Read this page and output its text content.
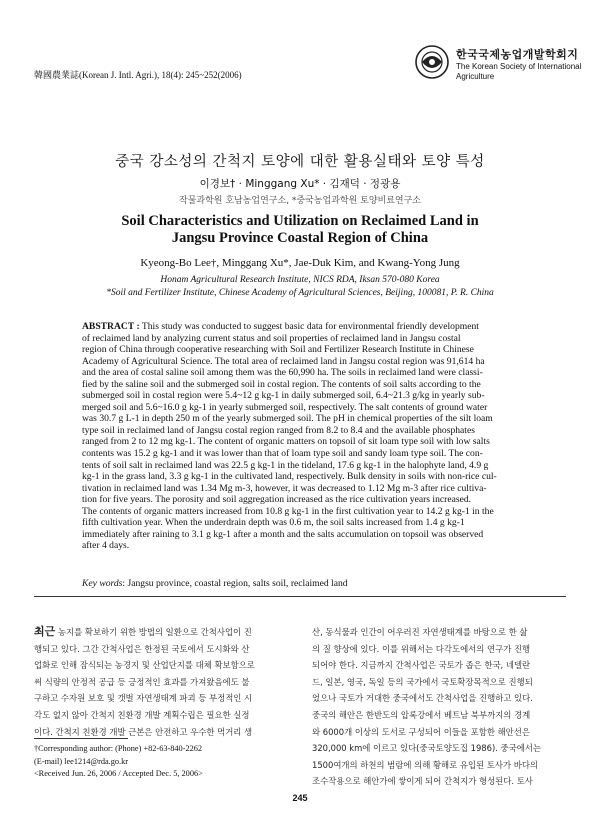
韓國農業誌(Korean J. Intl. Agri.), 18(4): 245~252(2006)
한국국제농업개발학회지
The Korean Society of International
Agriculture
중국 강소성의 간척지 토양에 대한 활용실태와 토양 특성
이경보† · Minggang Xu* · 김재덕 · 정광용
작물과학원 호남농업연구소, *중국농업과학원 토양비료연구소
Soil Characteristics and Utilization on Reclaimed Land in
Jangsu Province Coastal Region of China
Kyeong-Bo Lee†, Minggang Xu*, Jae-Duk Kim, and Kwang-Yong Jung
Honam Agricultural Research Institute, NICS RDA, Iksan 570-080 Korea
*Soil and Fertilizer Institute, Chinese Academy of Agricultural Sciences, Beijing, 100081, P. R. China
ABSTRACT : This study was conducted to suggest basic data for environmental friendly development
of reclaimed land by analyzing current status and soil properties of reclaimed land in Jangsu costal
region of China through cooperative researching with Soil and Fertilizer Research Institute in Chinese
Academy of Agricultural Science. The total area of reclaimed land in Jangsu costal region was 91,614 ha
and the area of costal saline soil among them was the 60,990 ha. The soils in reclaimed land were classi-
fied by the saline soil and the submerged soil in costal region. The contents of soil salts according to the
submerged soil in costal region were 5.4~12 g kg-1 in daily submerged soil, 6.4~21.3 g/kg in yearly sub-
merged soil and 5.6~16.0 g kg-1 in yearly submerged soil, respectively. The salt contents of ground water
was 30.7 g L-1 in depth 250 m of the yearly submerged soil. The pH in chemical properties of the silt loam
type soil in reclaimed land of Jangsu costal region ranged from 8.2 to 8.4 and the available phosphates
ranged from 2 to 12 mg kg-1. The content of organic matters on topsoil of sit loam type soil with low salts
contents was 15.2 g kg-1 and it was lower than that of loam type soil and sandy loam type soil. The con-
tents of soil salt in reclaimed land was 22.5 g kg-1 in the tideland, 17.6 g kg-1 in the halophyte land, 4.9 g
kg-1 in the grass land, 3.3 g kg-1 in the cultivated land, respectively. Bulk density in soils with non-rice cul-
tivation in reclaimed land was 1.34 Mg m-3, however, it was decreased to 1.12 Mg m-3 after rice cultiva-
tion for five years. The porosity and soil aggregation increased as the rice cultivation years increased.
The contents of organic matters increased from 10.8 g kg-1 in the first cultivation year to 14.2 g kg-1 in the
fifth cultivation year. When the underdrain depth was 0.6 m, the soil salts increased from 1.4 g kg-1
immediately after raining to 3.1 g kg-1 after a month and the salts accumulation on topsoil was observed
after 4 days.
Key words: Jangsu province, coastal region, salts soil, reclaimed land
최근 농지를 확보하기 위한 방법의 일환으로 간척사업이 진
행되고 있다. 그간 간척사업은 한정된 국토에서 도시화와 산
업화로 인해 잠식되는 농경지 및 산업단지를 대체 확보함으로
써 식량의 안정적 공급 등 긍정적인 효과를 가져왔음에도 불
구하고 수자원 보호 및 갯벌 자연생태계 파괴 등 부정적인 시
각도 없지 않아 간척지 친환경 개발 계획수립은 필요한 실정
이다. 간척지 친환경 개발 근본은 안전하고 우수한 먹거리 생
산, 동식물과 인간이 어우러진 자연생태계를 바탕으로 한 삶
의 질 향상에 있다. 이를 위해서는 다각도에서의 연구가 진행
되어야 한다. 지금까지 간척사업은 국토가 좁은 한국, 네델란
드, 일본, 영국, 독일 등의 국가에서 국토확장목적으로 진행되
었으나 국토가 거대한 중국에서도 간척사업을 진행하고 있다.
중국의 해안은 한반도의 압록강에서 베트남 북부까지의 경계
와 6000개 이상의 도서로 구성되어 이들을 포함한 해안선은
320,000 km에 이르고 있다(중국토양도집 1986). 중국에서는
1500여개의 하천의 범람에 의해 황해로 유입된 토사가 바다의
조수작용으로 해안가에 쌓이게 되어 간척지가 형성된다. 토사
†Corresponding author: (Phone) +82-63-840-2262
(E-mail) lee1214@rda.go.kr
<Received Jun. 26, 2006 / Accepted Dec. 5, 2006>
245
